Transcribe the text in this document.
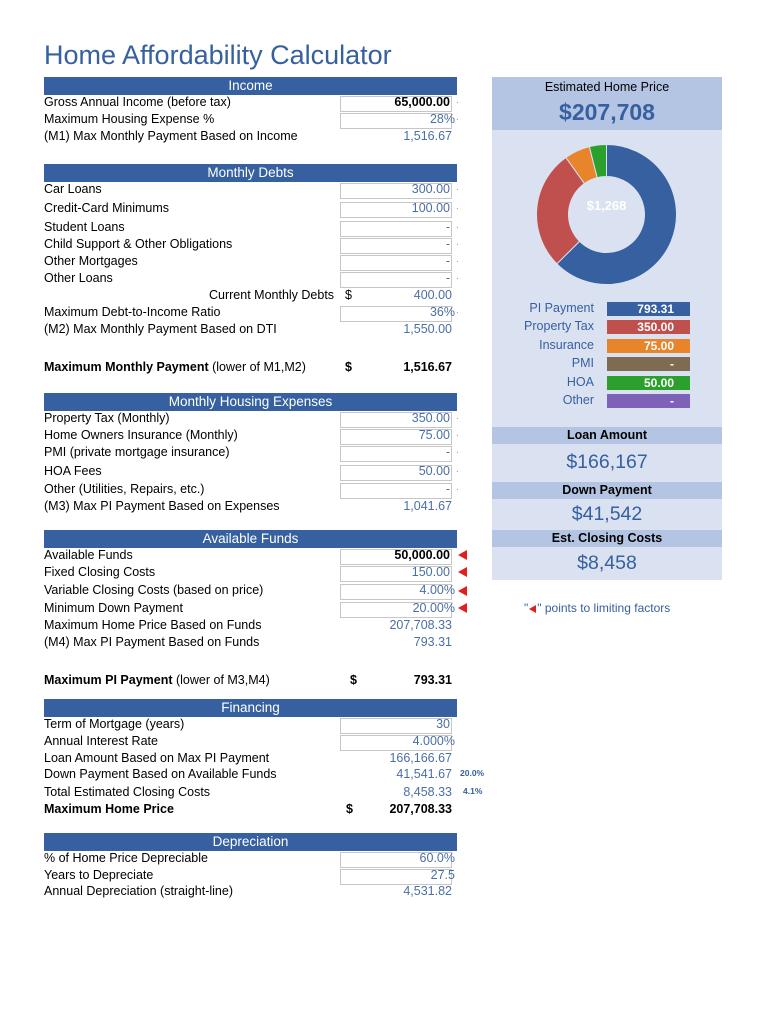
Home Affordability Calculator
Income
Gross Annual Income (before tax)	65,000.00 .
Maximum Housing Expense %	28% .
(M1) Max Monthly Payment Based on Income	1,516.67
Monthly Debts
Car Loans	300.00 .
Credit-Card Minimums	100.00 .
Student Loans	- .
Child Support & Other Obligations	- .
Other Mortgages	- .
Other Loans	- .
Current Monthly Debts $	400.00
Maximum Debt-to-Income Ratio	36% .
(M2) Max Monthly Payment Based on DTI	1,550.00
Maximum Monthly Payment (lower of M1,M2)	$	1,516.67
Monthly Housing Expenses
Property Tax (Monthly)	350.00 .
Home Owners Insurance (Monthly)	75.00 .
PMI (private mortgage insurance)	- .
HOA Fees	50.00 .
Other (Utilities, Repairs, etc.)	- .
(M3) Max PI Payment Based on Expenses	1,041.67
Available Funds
Available Funds	50,000.00
Fixed Closing Costs	150.00
Variable Closing Costs (based on price)	4.00%
Minimum Down Payment	20.00%
Maximum Home Price Based on Funds	207,708.33
(M4) Max PI Payment Based on Funds	793.31
Maximum PI Payment (lower of M3,M4)	$	793.31
Financing
Term of Mortgage (years)	30
Annual Interest Rate	4.000%
Loan Amount Based on Max PI Payment	166,166.67
Down Payment Based on Available Funds	41,541.67 20.0%
Total Estimated Closing Costs	8,458.33 4.1%
Maximum Home Price	$	207,708.33
Depreciation
% of Home Price Depreciable	60.0%
Years to Depreciate	27.5
Annual Depreciation (straight-line)	4,531.82
Estimated Home Price
$207,708
$1,268
/ month
PI Payment	793.31
Property Tax	350.00
Insurance	75.00
PMI	-
HOA	50.00
Other	-
Loan Amount
$166,167
Down Payment
$41,542
Est. Closing Costs
$8,458
" " points to limiting factors
